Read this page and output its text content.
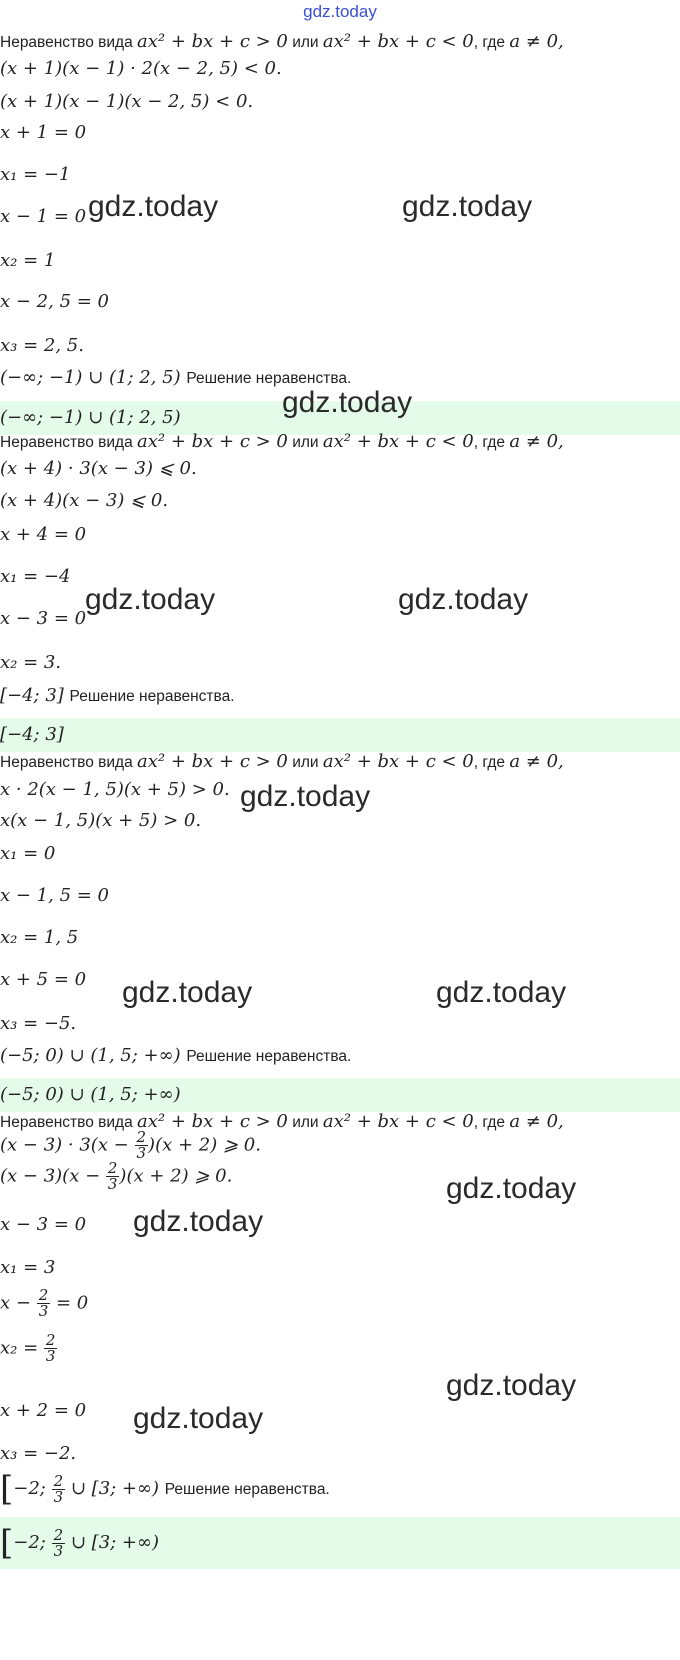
gdz.today
Неравенство вида ax² + bx + c > 0 или ax² + bx + c < 0, где a ≠ 0,
(x + 1)(x − 1) · 2(x − 2, 5) < 0.
(x + 1)(x − 1)(x − 2, 5) < 0.
x + 1 = 0
x₁ = −1
x − 1 = 0
x₂ = 1
x − 2, 5 = 0
x₃ = 2, 5.
(−∞; −1) ∪ (1; 2, 5) Решение неравенства.
(−∞; −1) ∪ (1; 2, 5)
Неравенство вида ax² + bx + c > 0 или ax² + bx + c < 0, где a ≠ 0,
(x + 4) · 3(x − 3) ⩽ 0.
(x + 4)(x − 3) ⩽ 0.
x + 4 = 0
x₁ = −4
x − 3 = 0
x₂ = 3.
[−4; 3] Решение неравенства.
[−4; 3]
Неравенство вида ax² + bx + c > 0 или ax² + bx + c < 0, где a ≠ 0,
x · 2(x − 1, 5)(x + 5) > 0.
x(x − 1, 5)(x + 5) > 0.
x₁ = 0
x − 1, 5 = 0
x₂ = 1, 5
x + 5 = 0
x₃ = −5.
(−5; 0) ∪ (1, 5; +∞) Решение неравенства.
(−5; 0) ∪ (1, 5; +∞)
Неравенство вида ax² + bx + c > 0 или ax² + bx + c < 0, где a ≠ 0,
$(x - 3) \cdot 3(x - \frac{2}{3} )(x + 2)$ ⩾ 0.
$(x - 3)(x - \frac{2}{3} )(x + 2)$ ⩾ 0.
x − 3 = 0
x₁ = 3
$x - \frac{2}{3} = 0$
$x_2 = \frac{2}{3}$
x + 2 = 0
x₃ = −2.
[−2; $\frac{2}{3}$ ∪ [3; +∞) Решение неравенства.
[−2; $\frac{2}{3}$ ∪ [3; +∞)
gdz.today	gdz.today
gdz.today
gdz.today	gdz.today
gdz.today
gdz.today	gdz.today
gdz.today
gdz.today
gdz.today
gdz.today
